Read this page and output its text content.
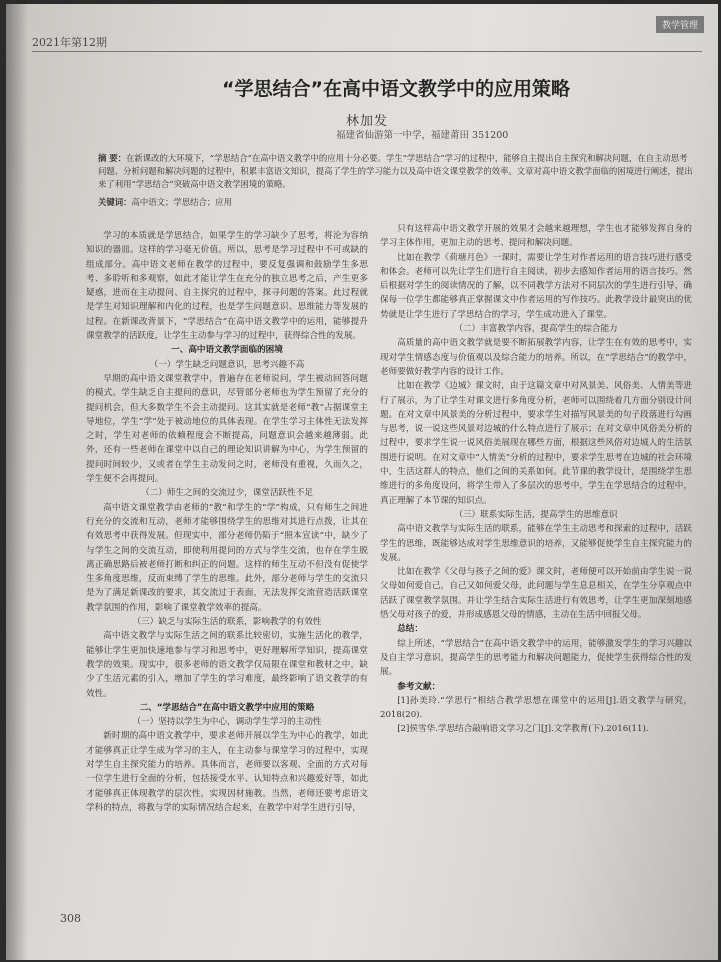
2021年第12期
教学管理
“学思结合”在高中语文教学中的应用策略
林加发
福建省仙游第一中学，福建莆田 351200
摘 要：在新课改的大环境下，“学思结合”在高中语文教学中的应用十分必要。学生“学思结合”学习的过程中，能够自主提出自主探究和解决问题，在自主动思考问题、分析问题和解决问题的过程中，积累丰富语文知识，提高了学生的学习能力以及高中语文课堂教学的效率。文章对高中语文教学面临的困境进行阐述，提出来了利用“学思结合”突破高中语文教学困境的策略。
关键词：高中语文；学思结合；应用

学习的本质就是学思结合，如果学生的学习缺少了思考，将沦为容纳知识的器皿。这样的学习毫无价值。所以，思考是学习过程中不可或缺的组成部分。高中语文老师在教学的过程中，要反复强调和鼓励学生多思考、多聆听和多观察，如此才能让学生在充分的独立思考之后，产生更多疑惑，进而在主动提问、自主探究的过程中，探寻问题的答案。此过程就是学生对知识理解和内化的过程，也是学生问题意识、思维能力等发展的过程。在新课改背景下，“学思结合”在高中语文教学中的运用，能够提升课堂教学的活跃度，让学生主动参与学习的过程中，获得综合性的发展。

一、高中语文教学面临的困境

（一）学生缺乏问题意识，思考兴趣不高

早期的高中语文课堂教学中，普遍存在老师说问，学生被动回答问题的模式。学生缺乏自主提问的意识，尽管部分老师也为学生预留了充分的提问机会，但大多数学生不会主动提问。这其实就是老师“教”占据课堂主导地位，学生“学”处于被动地位的具体表现。在学生学习主体性无法发挥之时，学生对老师的依赖程度会不断提高，问题意识会越来越薄弱。此外，还有一些老师在课堂中以自己的理论知识讲解为中心，为学生预留的提问时间较少，又或者在学生主动发问之时，老师没有重视，久而久之，学生便不会再提问。

（二）师生之间的交流过少，课堂活跃性不足

高中语文课堂教学由老师的“教”和学生的“学”构成，只有师生之间进行充分的交流和互动，老师才能够围绕学生的思维对其进行点拨，让其在有效思考中获得发展。但现实中，部分老师仍陷于“照本宣读”中，缺少了与学生之间的交流互动，即使利用提问的方式与学生交流，也存在学生脱离正确思路后被老师打断和纠正的问题。这样的师生互动不但没有促使学生多角度思维，反而束缚了学生的思维。此外，部分老师与学生的交流只是为了满足新课改的要求，其交流过于表面，无法发挥交流营造活跃课堂教学氛围的作用，影响了课堂教学效率的提高。

（三）缺乏与实际生活的联系，影响教学的有效性

高中语文教学与实际生活之间的联系比较密切，实施生活化的教学，能够让学生更加快速地参与学习和思考中，更好理解所学知识，提高课堂教学的效果。现实中，很多老师的语文教学仅局限在课堂和教材之中，缺少了生活元素的引入，增加了学生的学习难度，最终影响了语文教学的有效性。

二、“学思结合”在高中语文教学中应用的策略

（一）坚持以学生为中心，调动学生学习的主动性

新时期的高中语文教学中，要求老师开展以学生为中心的教学，如此才能够真正让学生成为学习的主人，在主动参与课堂学习的过程中，实现对学生自主探究能力的培养。具体而言，老师要以客观、全面的方式对每一位学生进行全面的分析，包括接受水平、认知特点和兴趣爱好等，如此才能够真正体现教学的层次性，实现因材施教。当然，老师还要考虑语文学科的特点，将教与学的实际情况结合起来，在教学中对学生进行引导，

只有这样高中语文教学开展的效果才会越来越理想，学生也才能够发挥自身的学习主体作用，更加主动的思考、提问和解决问题。

比如在教学《荷塘月色》一课时，需要让学生对作者运用的语言技巧进行感受和体会。老师可以先让学生们进行自主阅读，初步去感知作者运用的语言技巧。然后根据对学生的阅读情况的了解，以不同教学方法对不同层次的学生进行引导，确保每一位学生都能够真正掌握课文中作者运用的写作技巧。此教学设计最突出的优势就是让学生进行了学思结合的学习，学生成功进入了课堂。

（二）丰富教学内容，提高学生的综合能力

高质量的高中语文教学就是要不断拓展教学内容，让学生在有效的思考中，实现对学生情感态度与价值观以及综合能力的培养。所以，在“学思结合”的教学中，老师要做好教学内容的设计工作。

比如在教学《边城》课文时，由于这篇文章中对风景美、风俗美、人情美等进行了展示，为了让学生对课文进行多角度分析，老师可以围绕着几方面分别设计问题。在对文章中风景美的分析过程中，要求学生对描写风景美的句子段落进行勾画与思考，说一说这些风景对边城的什么特点进行了展示；在对文章中风俗美分析的过程中，要求学生说一说风俗美展现在哪些方面，根据这些风俗对边城人的生活氛围进行说明。在对文章中“人情美”分析的过程中，要求学生思考在边城的社会环境中，生活这群人的特点，他们之间的关系如何。此节课的教学设计，是围绕学生思维进行的多角度设问，将学生带入了多层次的思考中，学生在学思结合的过程中，真正理解了本节课的知识点。

（三）联系实际生活，提高学生的思维意识

高中语文教学与实际生活的联系，能够在学生主动思考和探索的过程中，活跃学生的思维，既能够达成对学生思维意识的培养，又能够促使学生自主探究能力的发展。

比如在教学《父母与孩子之间的爱》课文时，老师便可以开始前由学生说一说父母如何爱自己，自己又如何爱父母，此问题与学生息息相关，在学生分享观点中活跃了课堂教学氛围。并让学生结合实际生活进行有效思考，让学生更加深刻地感悟父母对孩子的爱，并形成感恩父母的情感，主动在生活中回报父母。

总结：

综上所述，“学思结合”在高中语文教学中的运用，能够激发学生的学习兴趣以及自主学习意识，提高学生的思考能力和解决问题能力，促使学生获得综合性的发展。

参考文献：

[1]孙美玲.“学思行”相结合教学思想在课堂中的运用[J].语文教学与研究，2018(20).

[2]侯雪华.学思结合敲响语文学习之门[J].文学教育(下).2016(11).

308
